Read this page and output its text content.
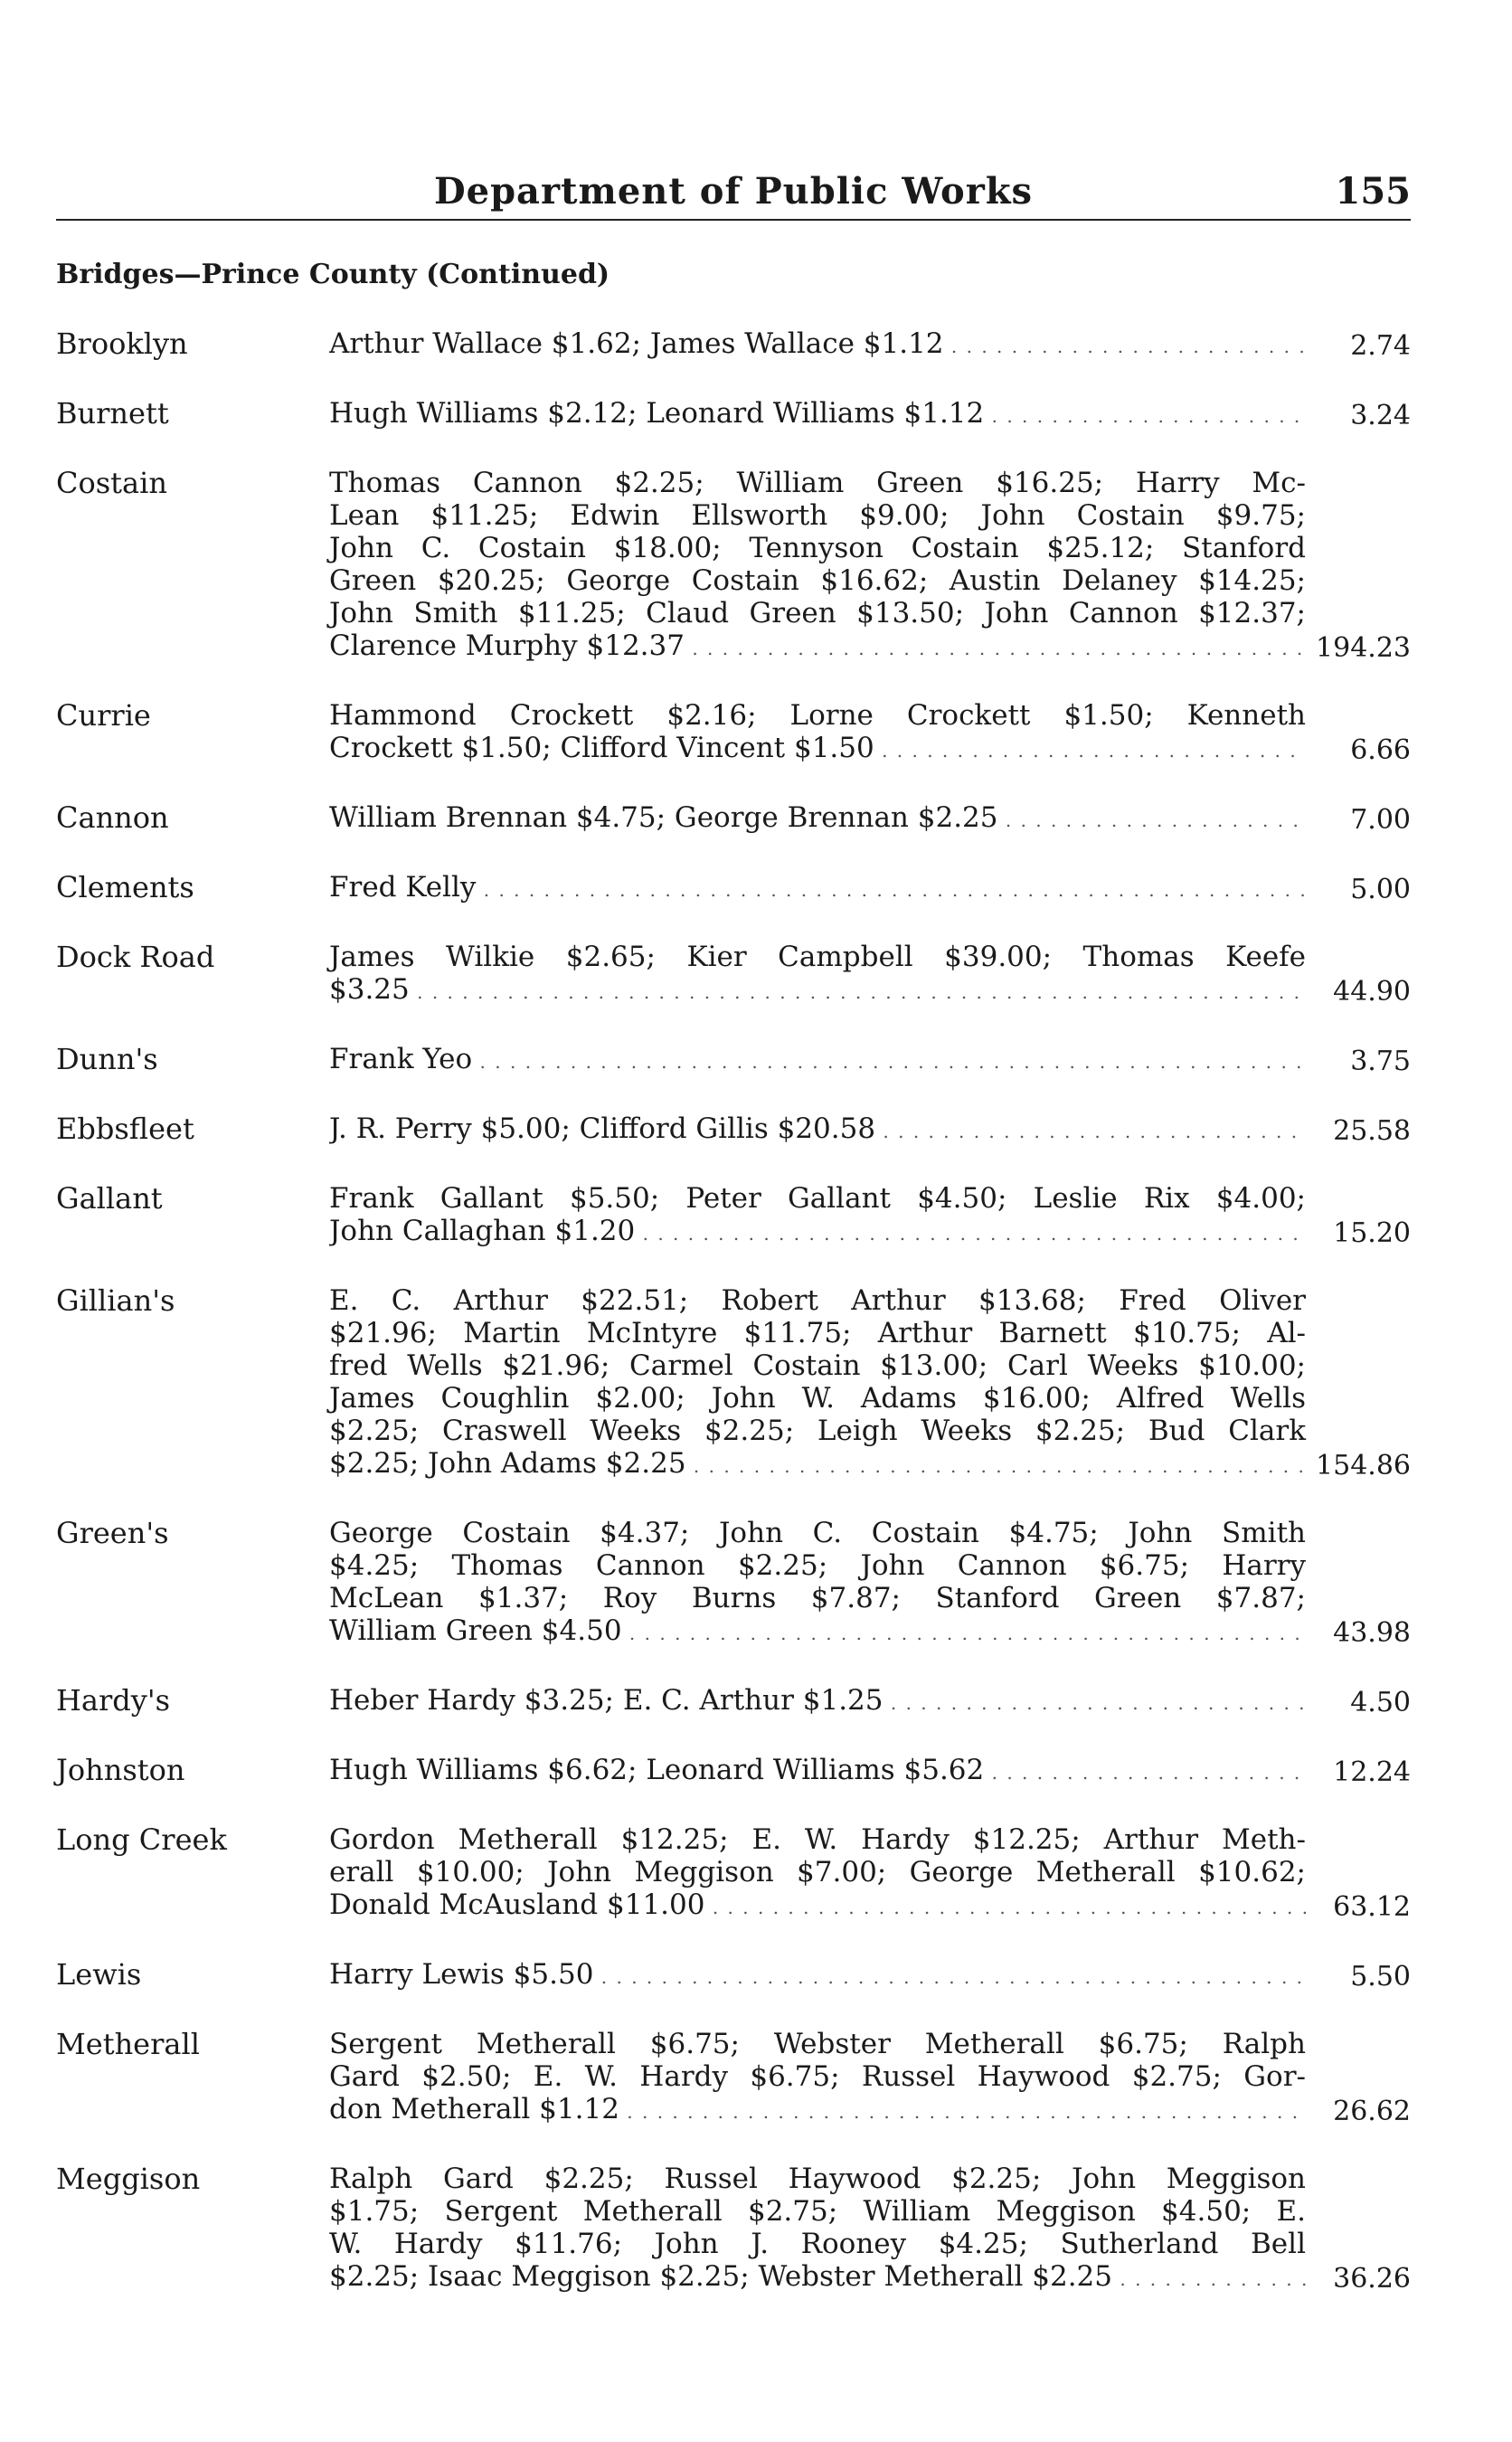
Department of Public Works	155
Bridges—Prince County (Continued)
Brooklyn	Arthur Wallace $1.62; James Wallace $1.12 . . .	2.74
Burnett	Hugh Williams $2.12; Leonard Williams $1.12 . . .	3.24
Costain	Thomas Cannon $2.25; William Green $16.25; Harry Mc-
Lean $11.25; Edwin Ellsworth $9.00; John Costain $9.75;
John C. Costain $18.00; Tennyson Costain $25.12; Stanford
Green $20.25; George Costain $16.62; Austin Delaney $14.25;
John Smith $11.25; Claud Green $13.50; John Cannon $12.37;
Clarence Murphy $12.37 . . .	194.23
Currie	Hammond Crockett $2.16; Lorne Crockett $1.50; Kenneth
Crockett $1.50; Clifford Vincent $1.50 . . .	6.66
Cannon	William Brennan $4.75; George Brennan $2.25 . . .	7.00
Clements	Fred Kelly . . .	5.00
Dock Road	James Wilkie $2.65; Kier Campbell $39.00; Thomas Keefe
$3.25 . . .	44.90
Dunn's	Frank Yeo . . .	3.75
Ebbsfleet	J. R. Perry $5.00; Clifford Gillis $20.58 . . .	25.58
Gallant	Frank Gallant $5.50; Peter Gallant $4.50; Leslie Rix $4.00;
John Callaghan $1.20 . . .	15.20
Gillian's	E. C. Arthur $22.51; Robert Arthur $13.68; Fred Oliver
$21.96; Martin McIntyre $11.75; Arthur Barnett $10.75; Al-
fred Wells $21.96; Carmel Costain $13.00; Carl Weeks $10.00;
James Coughlin $2.00; John W. Adams $16.00; Alfred Wells
$2.25; Craswell Weeks $2.25; Leigh Weeks $2.25; Bud Clark
$2.25; John Adams $2.25 . . .	154.86
Green's	George Costain $4.37; John C. Costain $4.75; John Smith
$4.25; Thomas Cannon $2.25; John Cannon $6.75; Harry
McLean $1.37; Roy Burns $7.87; Stanford Green $7.87;
William Green $4.50 . . .	43.98
Hardy's	Heber Hardy $3.25; E. C. Arthur $1.25 . . .	4.50
Johnston	Hugh Williams $6.62; Leonard Williams $5.62 . . .	12.24
Long Creek	Gordon Metherall $12.25; E. W. Hardy $12.25; Arthur Meth-
erall $10.00; John Meggison $7.00; George Metherall $10.62;
Donald McAusland $11.00 . . .	63.12
Lewis	Harry Lewis $5.50 . . .	5.50
Metherall	Sergent Metherall $6.75; Webster Metherall $6.75; Ralph
Gard $2.50; E. W. Hardy $6.75; Russel Haywood $2.75; Gor-
don Metherall $1.12 . . .	26.62
Meggison	Ralph Gard $2.25; Russel Haywood $2.25; John Meggison
$1.75; Sergent Metherall $2.75; William Meggison $4.50; E.
W. Hardy $11.76; John J. Rooney $4.25; Sutherland Bell
$2.25; Isaac Meggison $2.25; Webster Metherall $2.25 . . .	36.26
